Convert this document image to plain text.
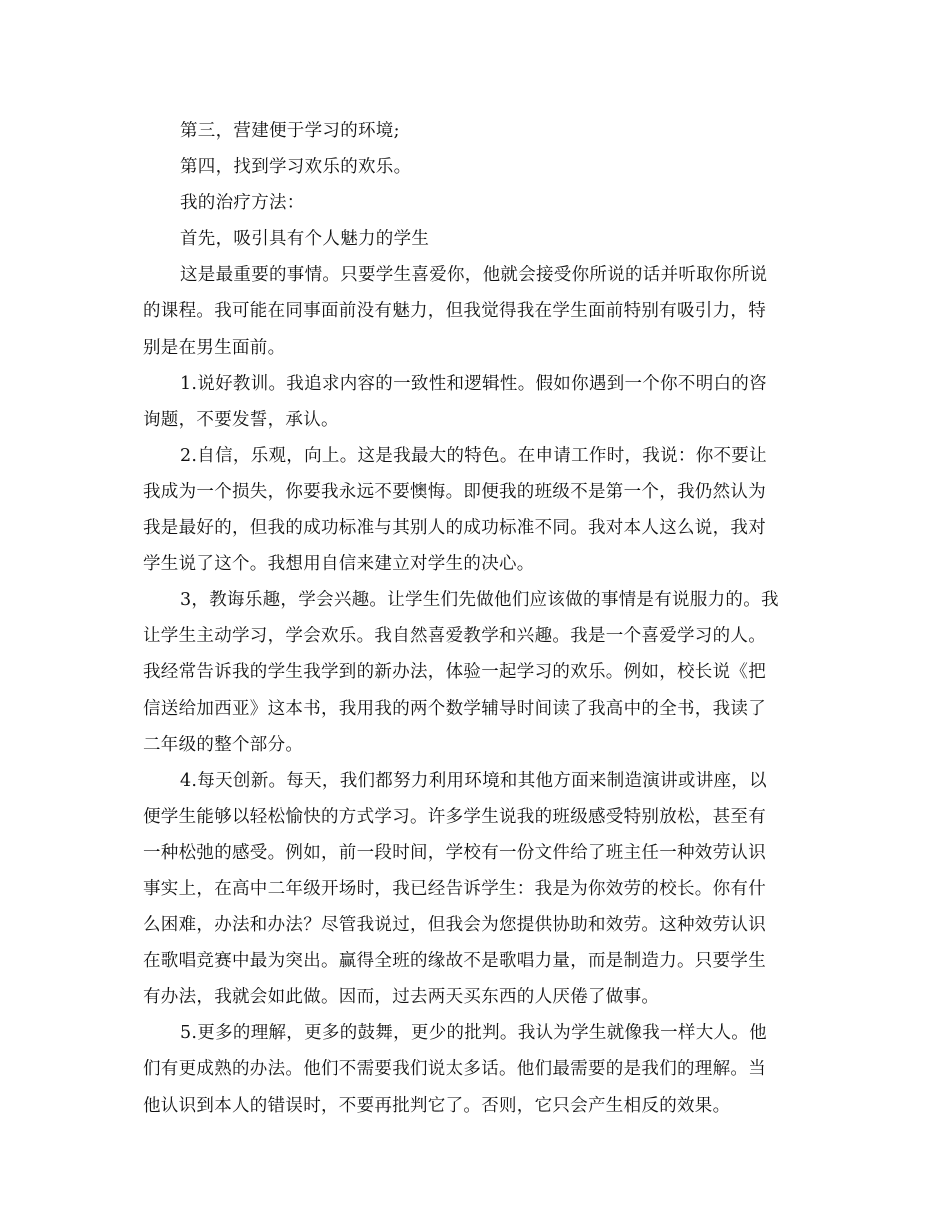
第三，营建便于学习的环境;
第四，找到学习欢乐的欢乐。
我的治疗方法：
首先，吸引具有个人魅力的学生
这是最重要的事情。只要学生喜爱你，他就会接受你所说的话并听取你所说
的课程。我可能在同事面前没有魅力，但我觉得我在学生面前特别有吸引力，特
别是在男生面前。
1.说好教训。我追求内容的一致性和逻辑性。假如你遇到一个你不明白的咨
询题，不要发誓，承认。
2.自信，乐观，向上。这是我最大的特色。在申请工作时，我说：你不要让
我成为一个损失，你要我永远不要懊悔。即便我的班级不是第一个，我仍然认为
我是最好的，但我的成功标准与其别人的成功标准不同。我对本人这么说，我对
学生说了这个。我想用自信来建立对学生的决心。
3，教诲乐趣，学会兴趣。让学生们先做他们应该做的事情是有说服力的。我
让学生主动学习，学会欢乐。我自然喜爱教学和兴趣。我是一个喜爱学习的人。
我经常告诉我的学生我学到的新办法，体验一起学习的欢乐。例如，校长说《把
信送给加西亚》这本书，我用我的两个数学辅导时间读了我高中的全书，我读了
二年级的整个部分。
4.每天创新。每天，我们都努力利用环境和其他方面来制造演讲或讲座，以
便学生能够以轻松愉快的方式学习。许多学生说我的班级感受特别放松，甚至有
一种松弛的感受。例如，前一段时间，学校有一份文件给了班主任一种效劳认识
事实上，在高中二年级开场时，我已经告诉学生：我是为你效劳的校长。你有什
么困难，办法和办法？尽管我说过，但我会为您提供协助和效劳。这种效劳认识
在歌唱竞赛中最为突出。赢得全班的缘故不是歌唱力量，而是制造力。只要学生
有办法，我就会如此做。因而，过去两天买东西的人厌倦了做事。
5.更多的理解，更多的鼓舞，更少的批判。我认为学生就像我一样大人。他
们有更成熟的办法。他们不需要我们说太多话。他们最需要的是我们的理解。当
他认识到本人的错误时，不要再批判它了。否则，它只会产生相反的效果。
